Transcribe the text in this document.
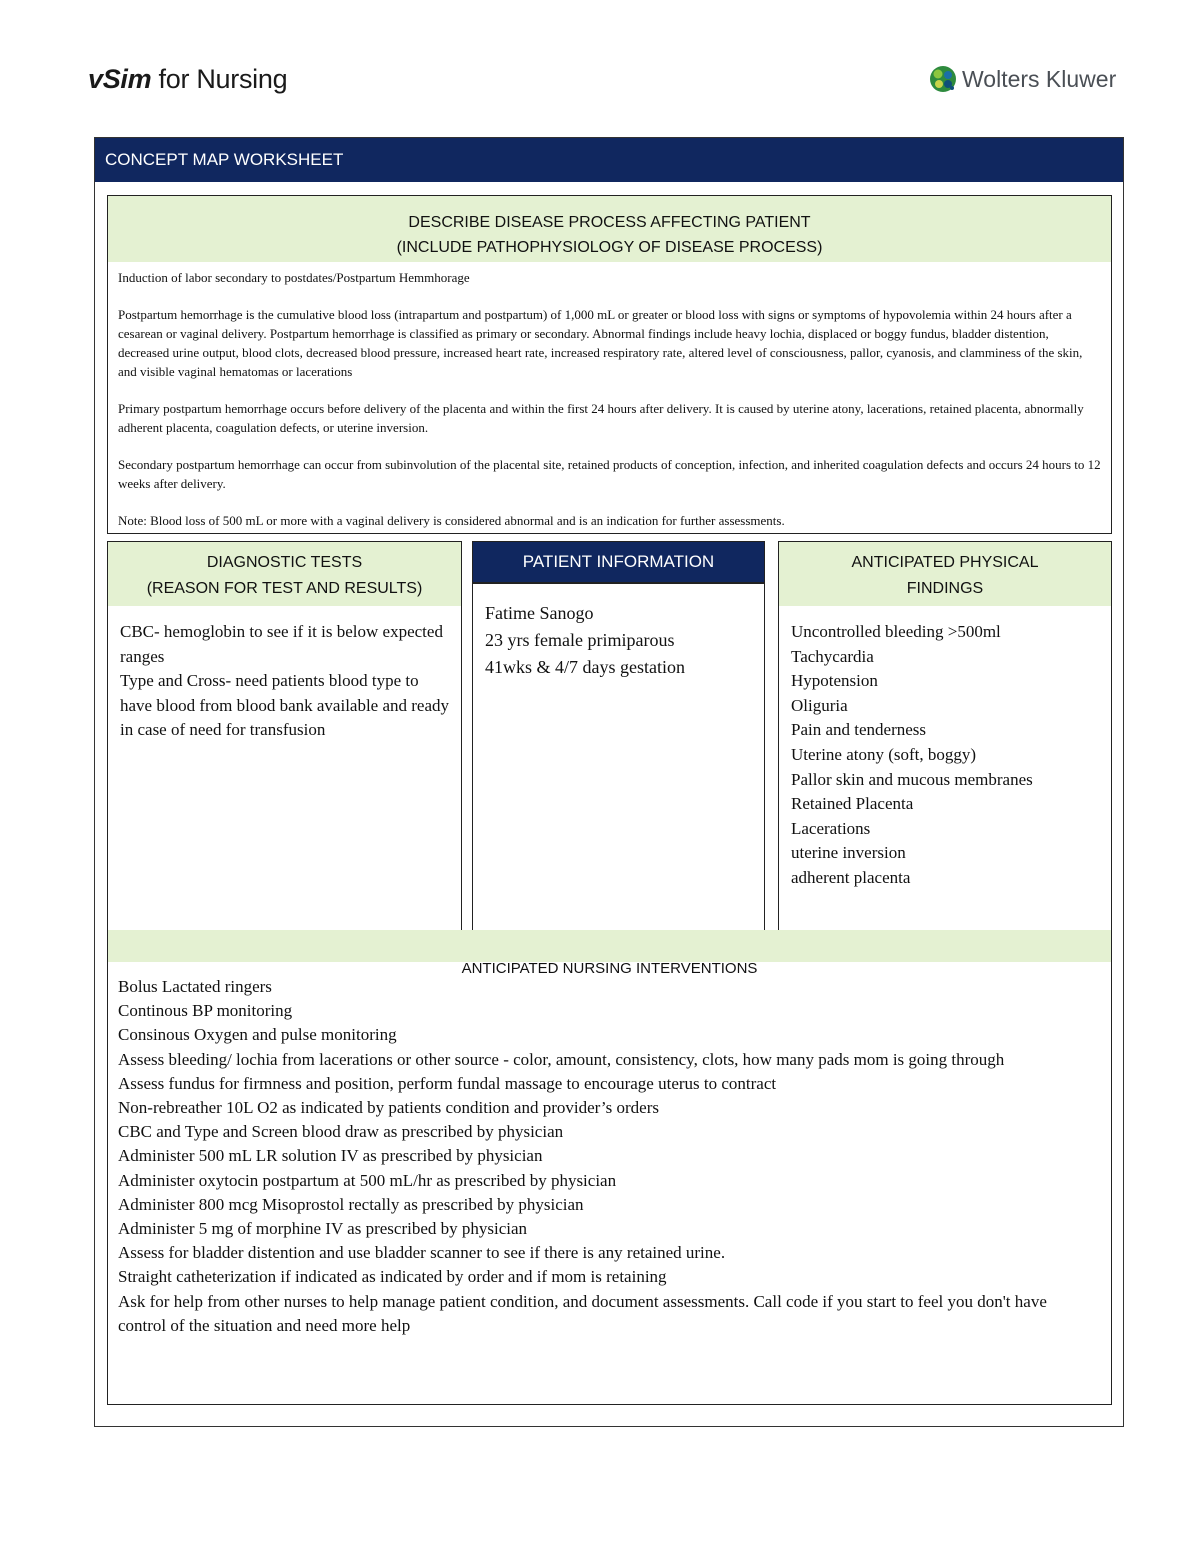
vSim for Nursing	Wolters Kluwer
CONCEPT MAP WORKSHEET
DESCRIBE DISEASE PROCESS AFFECTING PATIENT
(INCLUDE PATHOPHYSIOLOGY OF DISEASE PROCESS)

Induction of labor secondary to postdates/Postpartum Hemmhorage

Postpartum hemorrhage is the cumulative blood loss (intrapartum and postpartum) of 1,000 mL or greater or blood loss with signs or symptoms of hypovolemia within 24 hours after a cesarean or vaginal delivery. Postpartum hemorrhage is classified as primary or secondary. Abnormal findings include heavy lochia, displaced or boggy fundus, bladder distention, decreased urine output, blood clots, decreased blood pressure, increased heart rate, increased respiratory rate, altered level of consciousness, pallor, cyanosis, and clamminess of the skin, and visible vaginal hematomas or lacerations

Primary postpartum hemorrhage occurs before delivery of the placenta and within the first 24 hours after delivery. It is caused by uterine atony, lacerations, retained placenta, abnormally adherent placenta, coagulation defects, or uterine inversion.

Secondary postpartum hemorrhage can occur from subinvolution of the placental site, retained products of conception, infection, and inherited coagulation defects and occurs 24 hours to 12 weeks after delivery.

Note: Blood loss of 500 mL or more with a vaginal delivery is considered abnormal and is an indication for further assessments.

DIAGNOSTIC TESTS
(REASON FOR TEST AND RESULTS)
CBC- hemoglobin to see if it is below expected ranges
Type and Cross- need patients blood type to have blood from blood bank available and ready in case of need for transfusion
PATIENT INFORMATION
Fatime Sanogo
23 yrs female primiparous
41wks & 4/7 days gestation
ANTICIPATED PHYSICAL
FINDINGS
Uncontrolled bleeding >500ml
Tachycardia
Hypotension
Oliguria
Pain and tenderness
Uterine atony (soft, boggy)
Pallor skin and mucous membranes
Retained Placenta
Lacerations
uterine inversion
adherent placenta
ANTICIPATED NURSING INTERVENTIONS
Bolus Lactated ringers
Continous BP monitoring
Consinous Oxygen and pulse monitoring
Assess bleeding/ lochia from lacerations or other source - color, amount, consistency, clots, how many pads mom is going through
Assess fundus for firmness and position, perform fundal massage to encourage uterus to contract
Non-rebreather 10L O2 as indicated by patients condition and provider’s orders
CBC and Type and Screen blood draw as prescribed by physician
Administer 500 mL LR solution IV as prescribed by physician
Administer oxytocin postpartum at 500 mL/hr as prescribed by physician
Administer 800 mcg Misoprostol rectally as prescribed by physician
Administer 5 mg of morphine IV as prescribed by physician
Assess for bladder distention and use bladder scanner to see if there is any retained urine.
Straight catheterization if indicated as indicated by order and if mom is retaining
Ask for help from other nurses to help manage patient condition, and document assessments. Call code if you start to feel you don't have control of the situation and need more help
